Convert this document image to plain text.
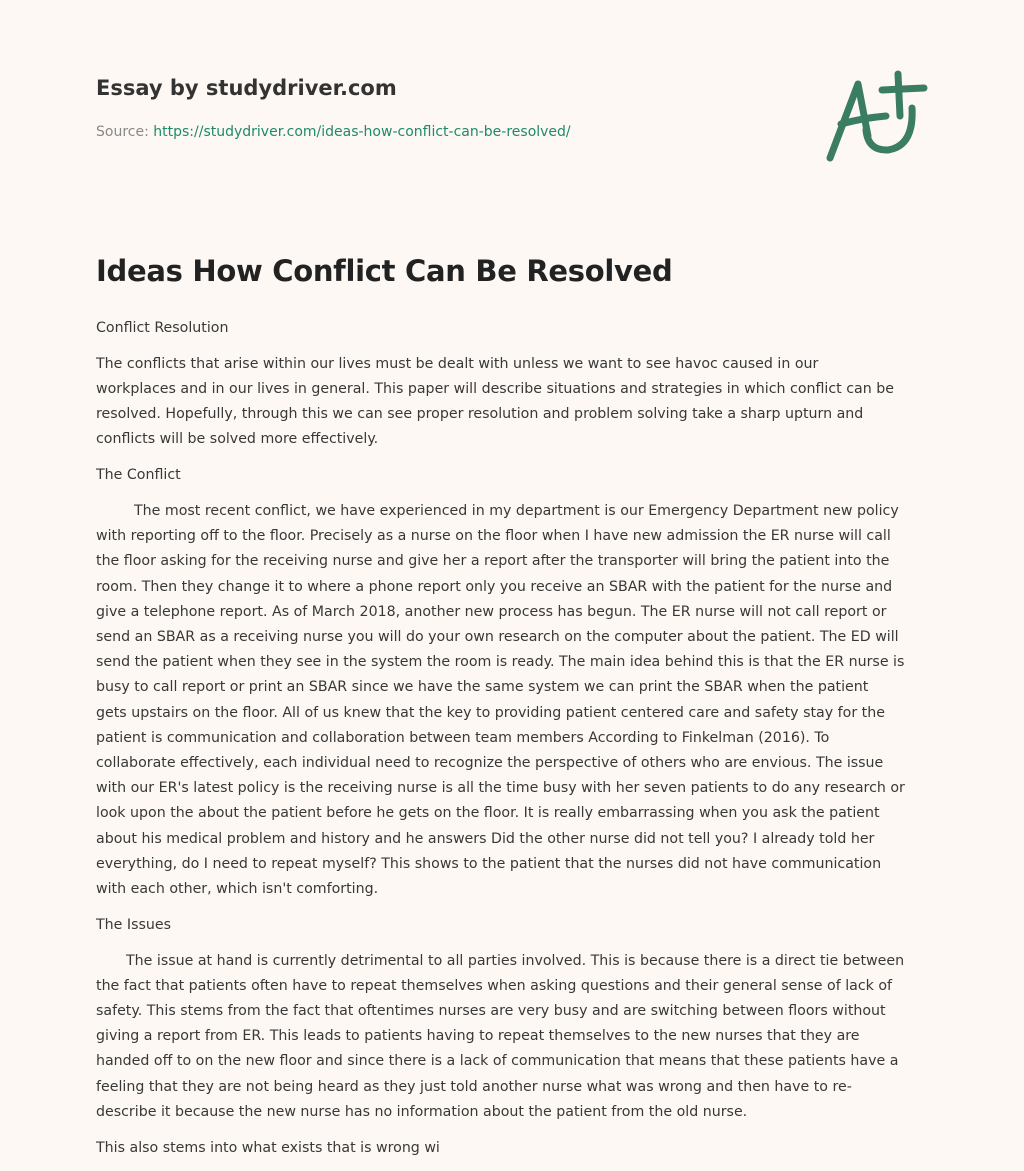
Essay by studydriver.com
Source: https://studydriver.com/ideas-how-conflict-can-be-resolved/
Ideas How Conflict Can Be Resolved
Conflict Resolution
The conflicts that arise within our lives must be dealt with unless we want to see havoc caused in our
workplaces and in our lives in general. This paper will describe situations and strategies in which conflict can be
resolved. Hopefully, through this we can see proper resolution and problem solving take a sharp upturn and
conflicts will be solved more effectively.
The Conflict
The most recent conflict, we have experienced in my department is our Emergency Department new policy
with reporting off to the floor. Precisely as a nurse on the floor when I have new admission the ER nurse will call
the floor asking for the receiving nurse and give her a report after the transporter will bring the patient into the
room. Then they change it to where a phone report only you receive an SBAR with the patient for the nurse and
give a telephone report. As of March 2018, another new process has begun. The ER nurse will not call report or
send an SBAR as a receiving nurse you will do your own research on the computer about the patient. The ED will
send the patient when they see in the system the room is ready. The main idea behind this is that the ER nurse is
busy to call report or print an SBAR since we have the same system we can print the SBAR when the patient
gets upstairs on the floor. All of us knew that the key to providing patient centered care and safety stay for the
patient is communication and collaboration between team members According to Finkelman (2016). To
collaborate effectively, each individual need to recognize the perspective of others who are envious. The issue
with our ER's latest policy is the receiving nurse is all the time busy with her seven patients to do any research or
look upon the about the patient before he gets on the floor. It is really embarrassing when you ask the patient
about his medical problem and history and he answers Did the other nurse did not tell you? I already told her
everything, do I need to repeat myself? This shows to the patient that the nurses did not have communication
with each other, which isn't comforting.
The Issues
The issue at hand is currently detrimental to all parties involved. This is because there is a direct tie between
the fact that patients often have to repeat themselves when asking questions and their general sense of lack of
safety. This stems from the fact that oftentimes nurses are very busy and are switching between floors without
giving a report from ER. This leads to patients having to repeat themselves to the new nurses that they are
handed off to on the new floor and since there is a lack of communication that means that these patients have a
feeling that they are not being heard as they just told another nurse what was wrong and then have to re-
describe it because the new nurse has no information about the patient from the old nurse.
This also stems into what exists that is wrong wi
